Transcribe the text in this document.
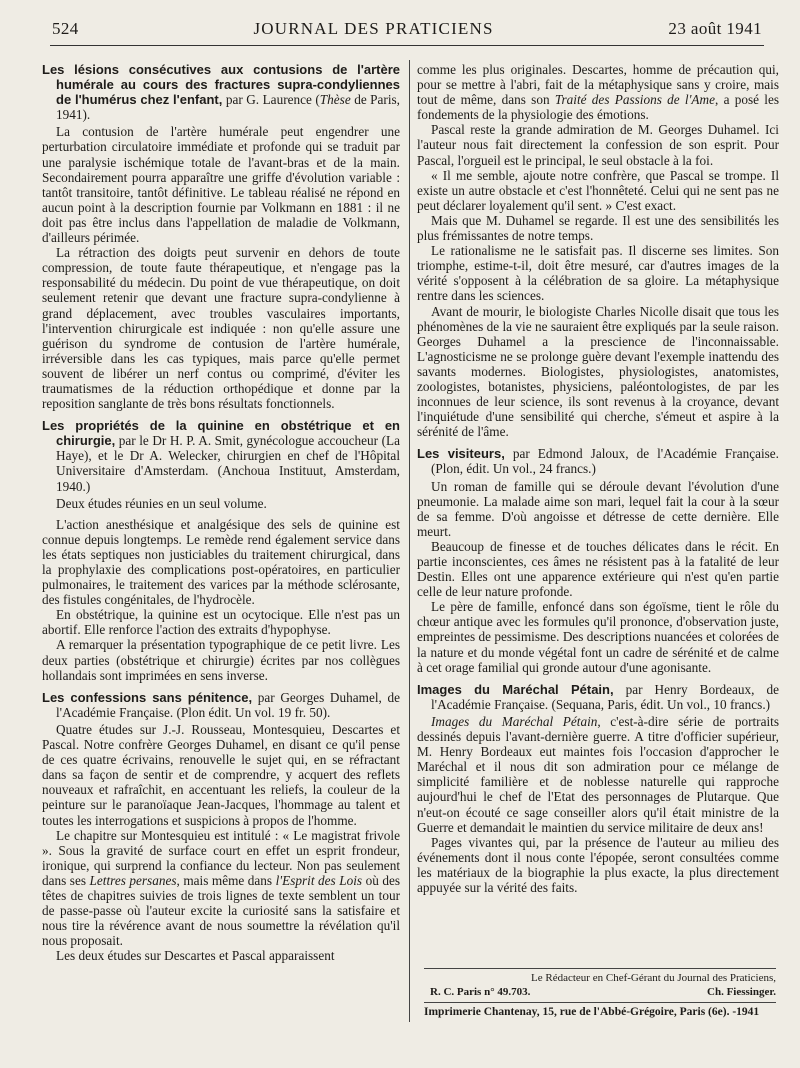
524	JOURNAL DES PRATICIENS	23 août 1941
Les lésions consécutives aux contusions de l'artère humérale au cours des fractures supra-condyliennes de l'humérus chez l'enfant, par G. Laurence (Thèse de Paris, 1941).

La contusion de l'artère humérale peut engendrer une perturbation circulatoire immédiate et profonde qui se traduit par une paralysie ischémique totale de l'avant-bras et de la main. Secondairement pourra apparaître une griffe d'évolution variable : tantôt transitoire, tantôt définitive. Le tableau réalisé ne répond en aucun point à la description fournie par Volkmann en 1881 : il ne doit pas être inclus dans l'appellation de maladie de Volkmann, d'ailleurs périmée.

La rétraction des doigts peut survenir en dehors de toute compression, de toute faute thérapeutique, et n'engage pas la responsabilité du médecin. Du point de vue thérapeutique, on doit seulement retenir que devant une fracture supra-condylienne à grand déplacement, avec troubles vasculaires importants, l'intervention chirurgicale est indiquée : non qu'elle assure une guérison du syndrome de contusion de l'artère humérale, irréversible dans les cas typiques, mais parce qu'elle permet souvent de libérer un nerf contus ou comprimé, d'éviter les traumatismes de la réduction orthopédique et donne par la reposition sanglante de très bons résultats fonctionnels.

Les propriétés de la quinine en obstétrique et en chirurgie, par le Dr H. P. A. Smit, gynécologue accoucheur (La Haye), et le Dr A. Welecker, chirurgien en chef de l'Hôpital Universitaire d'Amsterdam. (Anchoua Instituut, Amsterdam, 1940.)

Deux études réunies en un seul volume.

L'action anesthésique et analgésique des sels de quinine est connue depuis longtemps. Le remède rend également service dans les états septiques non justiciables du traitement chirurgical, dans la prophylaxie des complications post-opératoires, en particulier pulmonaires, le traitement des varices par la méthode sclérosante, des fistules congénitales, de l'hydrocèle.

En obstétrique, la quinine est un ocytocique. Elle n'est pas un abortif. Elle renforce l'action des extraits d'hypophyse.

A remarquer la présentation typographique de ce petit livre. Les deux parties (obstétrique et chirurgie) écrites par nos collègues hollandais sont imprimées en sens inverse.

Les confessions sans pénitence, par Georges Duhamel, de l'Académie Française. (Plon édit. Un vol. 19 fr. 50).

Quatre études sur J.-J. Rousseau, Montesquieu, Descartes et Pascal. Notre confrère Georges Duhamel, en disant ce qu'il pense de ces quatre écrivains, renouvelle le sujet qui, en se réfractant dans sa façon de sentir et de comprendre, y acquert des reflets nouveaux et rafraîchit, en accentuant les reliefs, la couleur de la peinture sur le paranoïaque Jean-Jacques, l'hommage au talent et toutes les interrogations et suspicions à propos de l'homme.

Le chapitre sur Montesquieu est intitulé : « Le magistrat frivole ». Sous la gravité de surface court en effet un esprit frondeur, ironique, qui surprend la confiance du lecteur. Non pas seulement dans ses Lettres persanes, mais même dans l'Esprit des Lois où des têtes de chapitres suivies de trois lignes de texte semblent un tour de passe-passe où l'auteur excite la curiosité sans la satisfaire et nous tire la révérence avant de nous soumettre la révélation qu'il nous proposait.

Les deux études sur Descartes et Pascal apparaissent

comme les plus originales. Descartes, homme de précaution qui, pour se mettre à l'abri, fait de la métaphysique sans y croire, mais tout de même, dans son Traité des Passions de l'Ame, a posé les fondements de la physiologie des émotions.

Pascal reste la grande admiration de M. Georges Duhamel. Ici l'auteur nous fait directement la confession de son esprit. Pour Pascal, l'orgueil est le principal, le seul obstacle à la foi.

« Il me semble, ajoute notre confrère, que Pascal se trompe. Il existe un autre obstacle et c'est l'honnêteté. Celui qui ne sent pas ne peut déclarer loyalement qu'il sent. » C'est exact.

Mais que M. Duhamel se regarde. Il est une des sensibilités les plus frémissantes de notre temps.

Le rationalisme ne le satisfait pas. Il discerne ses limites. Son triomphe, estime-t-il, doit être mesuré, car d'autres images de la vérité s'opposent à la célébration de sa gloire. La métaphysique rentre dans les sciences.

Avant de mourir, le biologiste Charles Nicolle disait que tous les phénomènes de la vie ne sauraient être expliqués par la seule raison. Georges Duhamel a la prescience de l'inconnaissable. L'agnosticisme ne se prolonge guère devant l'exemple inattendu des savants modernes. Biologistes, physiologistes, anatomistes, zoologistes, botanistes, physiciens, paléontologistes, de par les inconnues de leur science, ils sont revenus à la croyance, devant l'inquiétude d'une sensibilité qui cherche, s'émeut et aspire à la sérénité de l'âme.

Les visiteurs, par Edmond Jaloux, de l'Académie Française. (Plon, édit. Un vol., 24 francs.)

Un roman de famille qui se déroule devant l'évolution d'une pneumonie. La malade aime son mari, lequel fait la cour à la sœur de sa femme. D'où angoisse et détresse de cette dernière. Elle meurt.

Beaucoup de finesse et de touches délicates dans le récit. En partie inconscientes, ces âmes ne résistent pas à la fatalité de leur Destin. Elles ont une apparence extérieure qui n'est qu'en partie celle de leur nature profonde.

Le père de famille, enfoncé dans son égoïsme, tient le rôle du chœur antique avec les formules qu'il prononce, d'observation juste, empreintes de pessimisme. Des descriptions nuancées et colorées de la nature et du monde végétal font un cadre de sérénité et de calme à cet orage familial qui gronde autour d'une agonisante.

Images du Maréchal Pétain, par Henry Bordeaux, de l'Académie Française. (Sequana, Paris, édit. Un vol., 10 francs.)

Images du Maréchal Pétain, c'est-à-dire série de portraits dessinés depuis l'avant-dernière guerre. A titre d'officier supérieur, M. Henry Bordeaux eut maintes fois l'occasion d'approcher le Maréchal et il nous dit son admiration pour ce mélange de simplicité familière et de noblesse naturelle qui rapproche aujourd'hui le chef de l'Etat des personnages de Plutarque. Que n'eut-on écouté ce sage conseiller alors qu'il était ministre de la Guerre et demandait le maintien du service militaire de deux ans!

Pages vivantes qui, par la présence de l'auteur au milieu des événements dont il nous conte l'épopée, seront consultées comme les matériaux de la biographie la plus exacte, la plus directement appuyée sur la vérité des faits.

Le Rédacteur en Chef-Gérant du Journal des Praticiens,
R. C. Paris n° 49.703.	Ch. Fiessinger.
Imprimerie Chantenay, 15, rue de l'Abbé-Grégoire, Paris (6e). -1941
